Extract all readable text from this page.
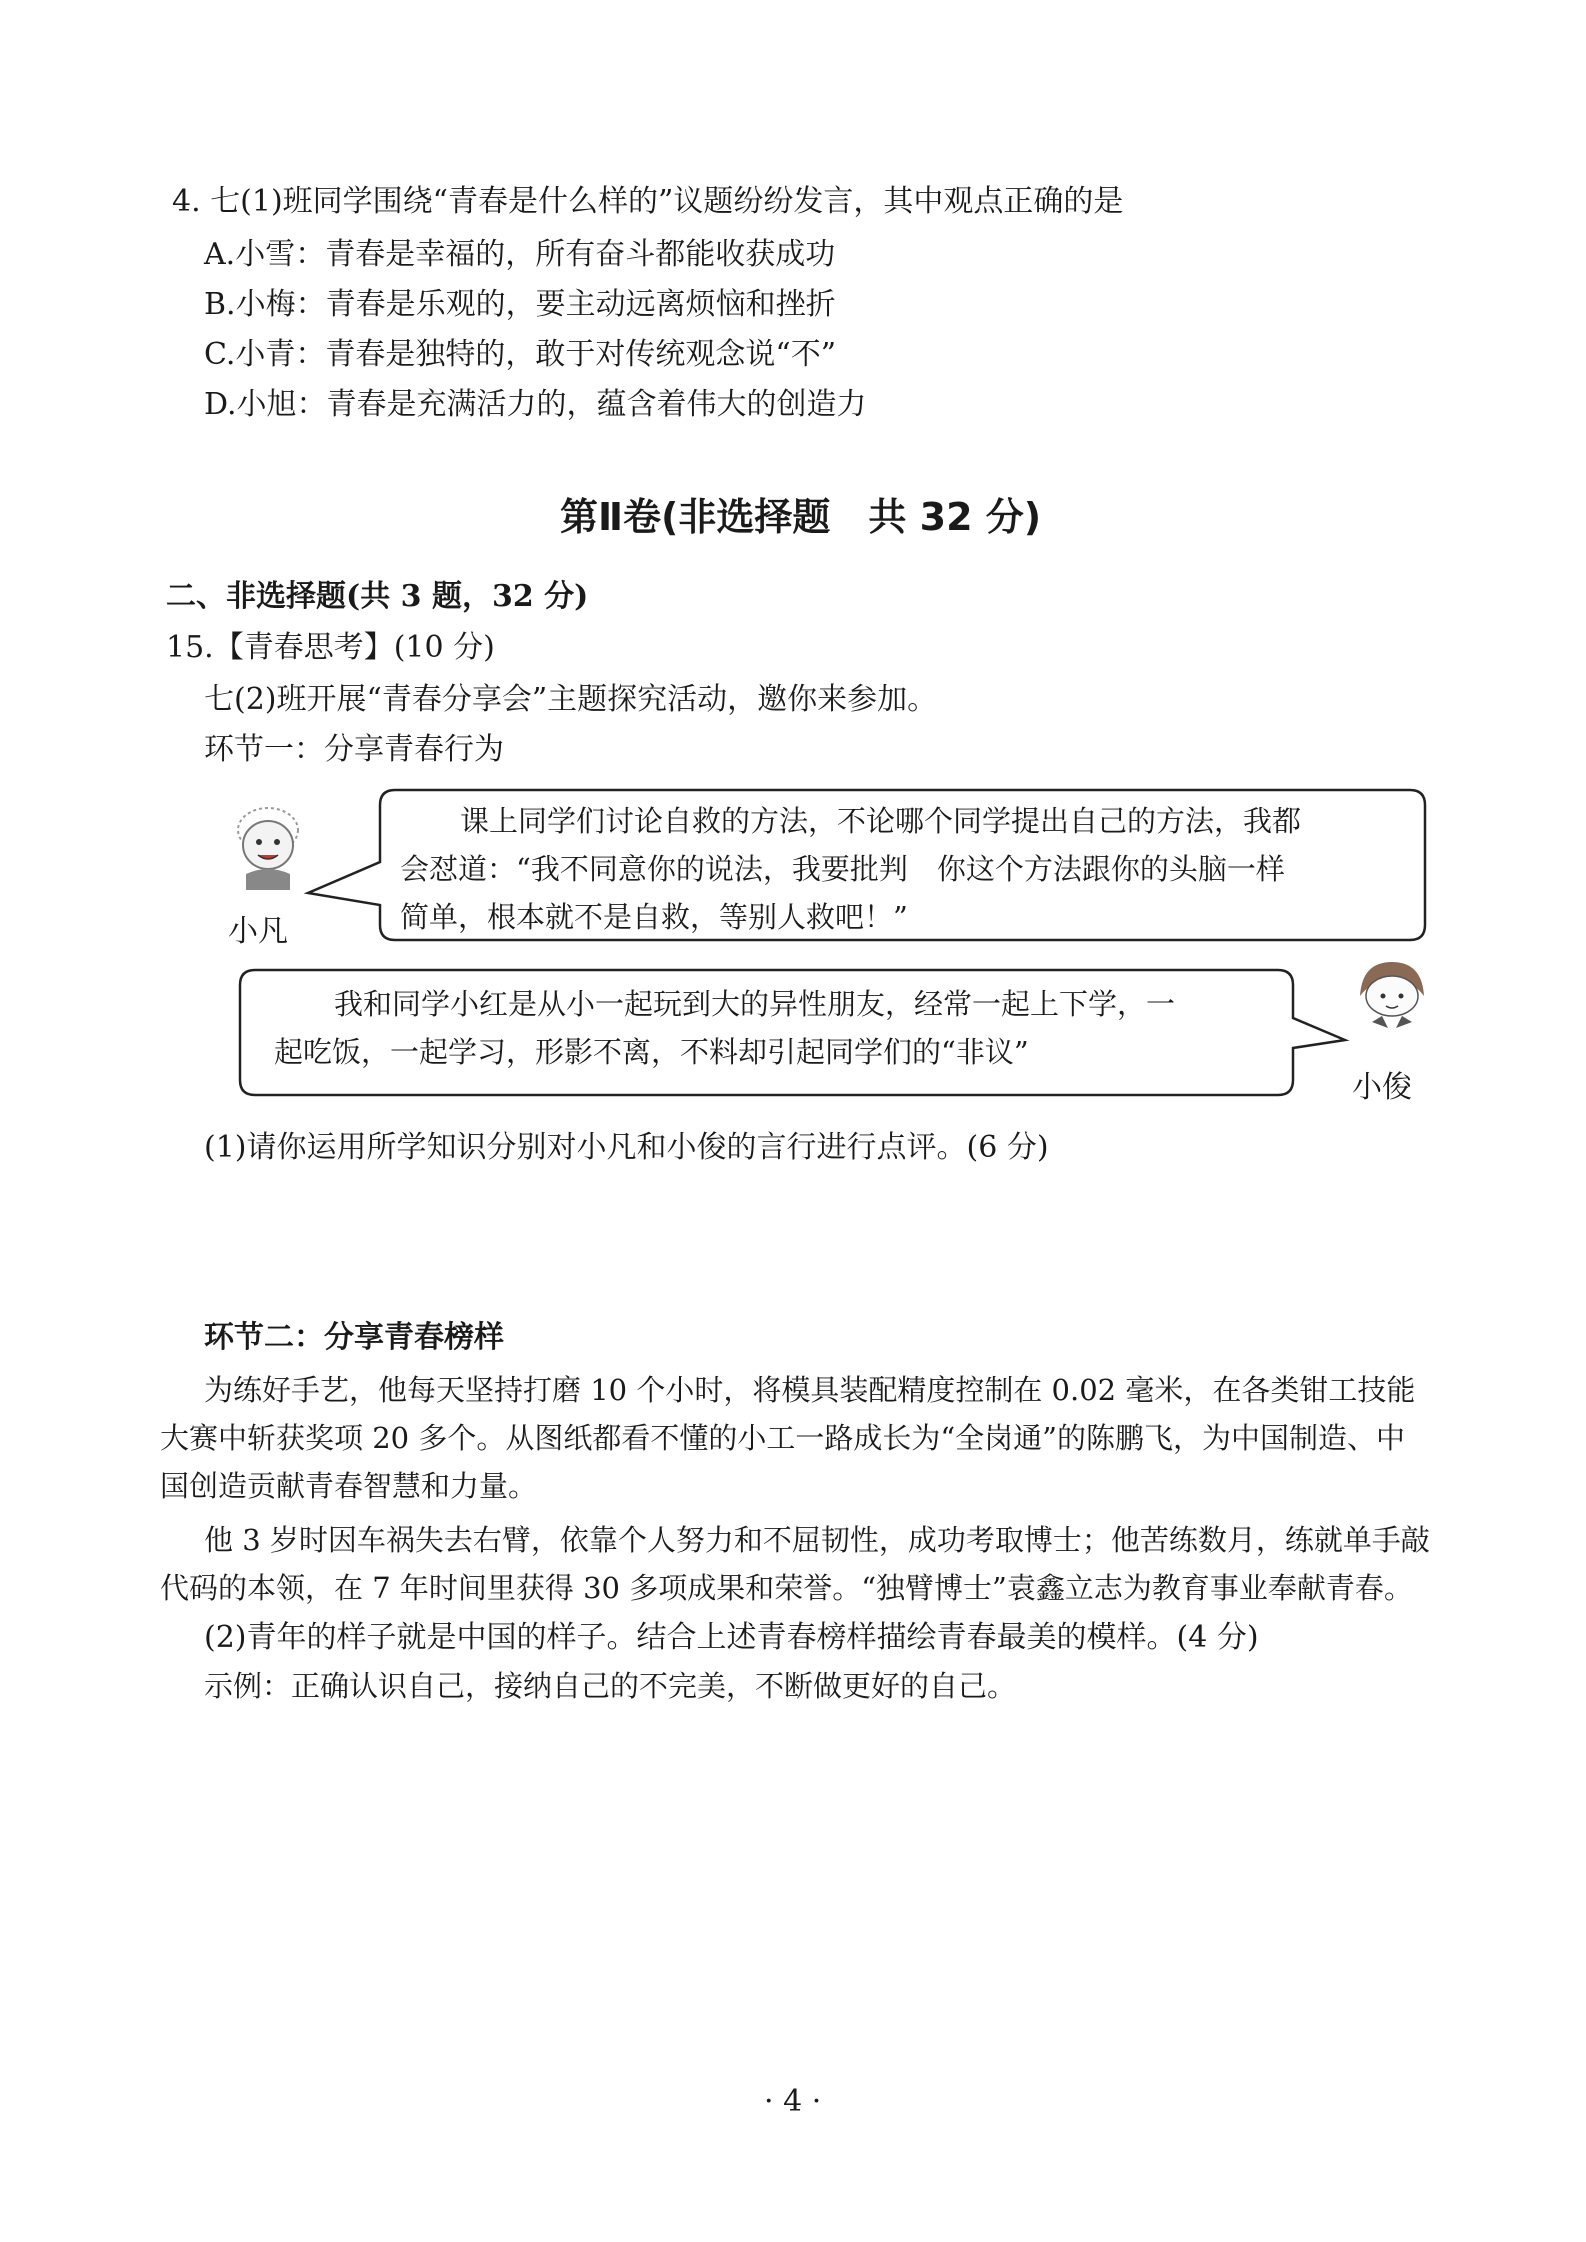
4. 七(1)班同学围绕“青春是什么样的”议题纷纷发言，其中观点正确的是
A.小雪：青春是幸福的，所有奋斗都能收获成功
B.小梅：青春是乐观的，要主动远离烦恼和挫折
C.小青：青春是独特的，敢于对传统观念说“不”
D.小旭：青春是充满活力的，蕴含着伟大的创造力
第Ⅱ卷(非选择题　共 32 分)
二、非选择题(共 3 题，32 分)
15.【青春思考】(10 分)
七(2)班开展“青春分享会”主题探究活动，邀你来参加。
环节一：分享青春行为
小凡
课上同学们讨论自救的方法，不论哪个同学提出自己的方法，我都
会怼道：“我不同意你的说法，我要批判　你这个方法跟你的头脑一样
简单，根本就不是自救，等别人救吧！”
小俊
我和同学小红是从小一起玩到大的异性朋友，经常一起上下学，一
起吃饭，一起学习，形影不离，不料却引起同学们的“非议”
(1)请你运用所学知识分别对小凡和小俊的言行进行点评。(6 分)
环节二：分享青春榜样
为练好手艺，他每天坚持打磨 10 个小时，将模具装配精度控制在 0.02 毫米，在各类钳工技能
大赛中斩获奖项 20 多个。从图纸都看不懂的小工一路成长为“全岗通”的陈鹏飞，为中国制造、中
国创造贡献青春智慧和力量。
他 3 岁时因车祸失去右臂，依靠个人努力和不屈韧性，成功考取博士；他苦练数月，练就单手敲
代码的本领，在 7 年时间里获得 30 多项成果和荣誉。“独臂博士”袁鑫立志为教育事业奉献青春。
(2)青年的样子就是中国的样子。结合上述青春榜样描绘青春最美的模样。(4 分)
示例：正确认识自己，接纳自己的不完美，不断做更好的自己。
· 4 ·
